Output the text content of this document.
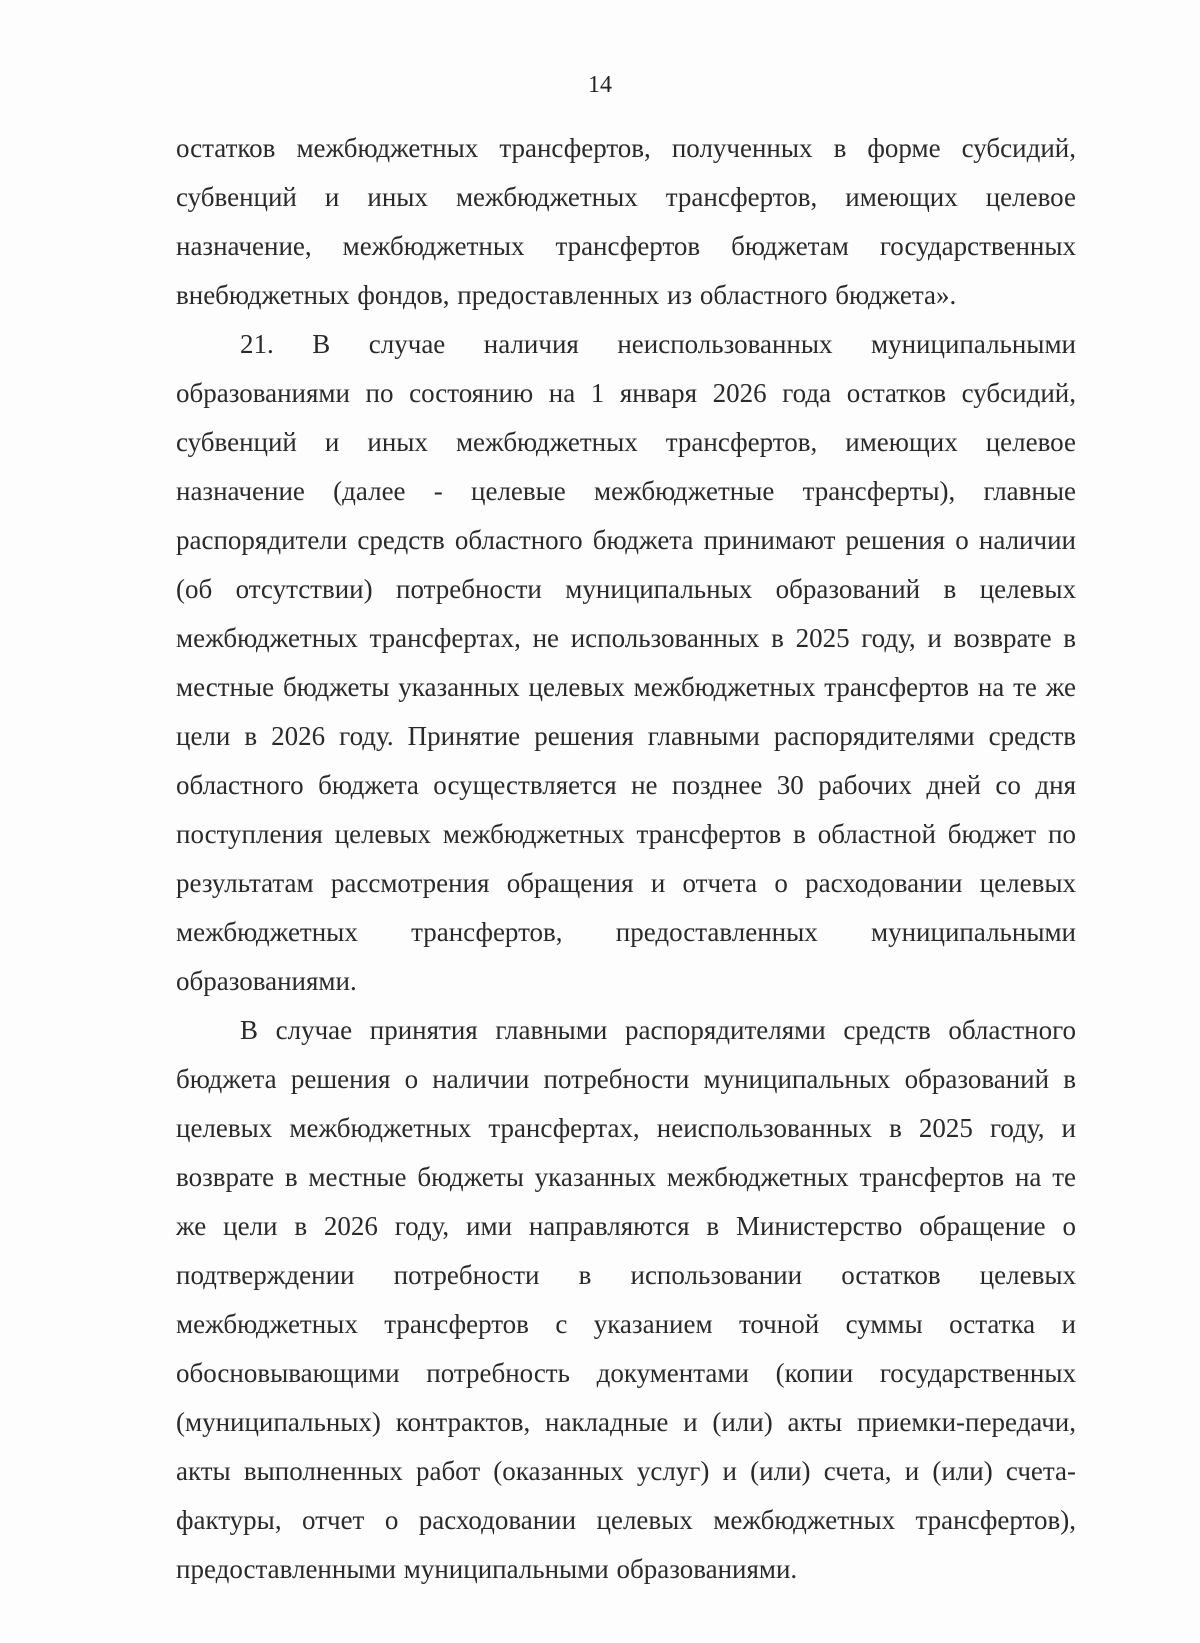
14

остатков межбюджетных трансфертов, полученных в форме субсидий, субвенций и иных межбюджетных трансфертов, имеющих целевое назначение, межбюджетных трансфертов бюджетам государственных внебюджетных фондов, предоставленных из областного бюджета».

21. В случае наличия неиспользованных муниципальными образованиями по состоянию на 1 января 2026 года остатков субсидий, субвенций и иных межбюджетных трансфертов, имеющих целевое назначение (далее - целевые межбюджетные трансферты), главные распорядители средств областного бюджета принимают решения о наличии (об отсутствии) потребности муниципальных образований в целевых межбюджетных трансфертах, не использованных в 2025 году, и возврате в местные бюджеты указанных целевых межбюджетных трансфертов на те же цели в 2026 году. Принятие решения главными распорядителями средств областного бюджета осуществляется не позднее 30 рабочих дней со дня поступления целевых межбюджетных трансфертов в областной бюджет по результатам рассмотрения обращения и отчета о расходовании целевых межбюджетных трансфертов, предоставленных муниципальными образованиями.

В случае принятия главными распорядителями средств областного бюджета решения о наличии потребности муниципальных образований в целевых межбюджетных трансфертах, неиспользованных в 2025 году, и возврате в местные бюджеты указанных межбюджетных трансфертов на те же цели в 2026 году, ими направляются в Министерство обращение о подтверждении потребности в использовании остатков целевых межбюджетных трансфертов с указанием точной суммы остатка и обосновывающими потребность документами (копии государственных (муниципальных) контрактов, накладные и (или) акты приемки-передачи, акты выполненных работ (оказанных услуг) и (или) счета, и (или) счета-фактуры, отчет о расходовании целевых межбюджетных трансфертов), предоставленными муниципальными образованиями.
